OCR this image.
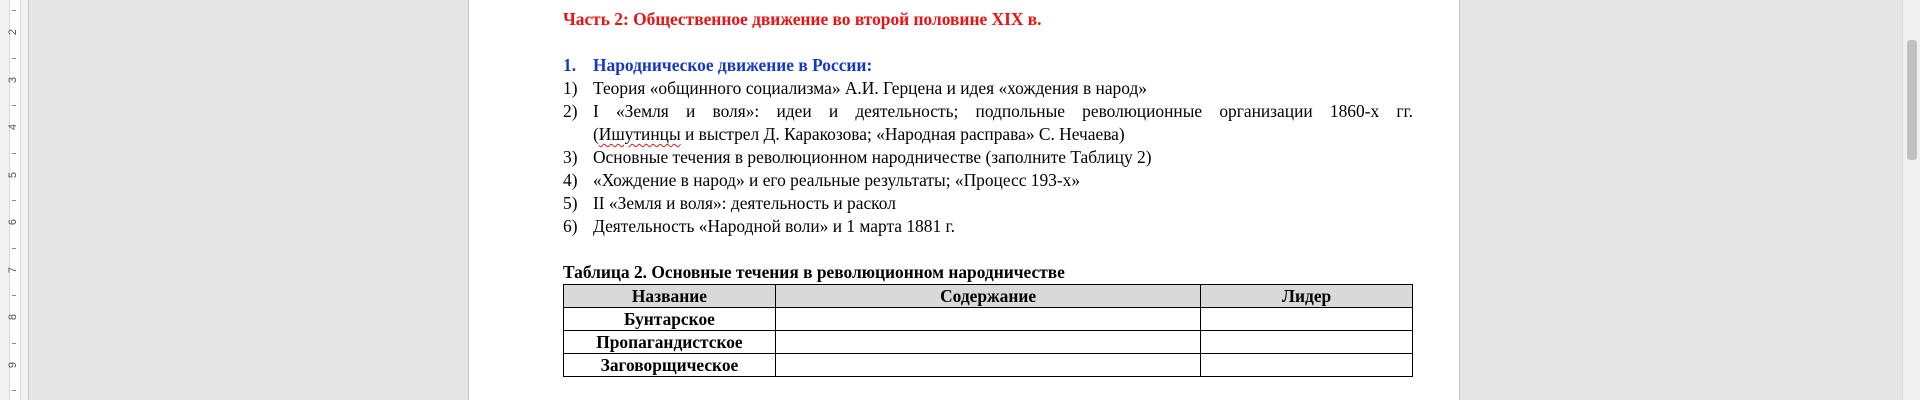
2
3
4
5
6
7
8
9
Часть 2: Общественное движение во второй половине XIX в.
1. Народническое движение в России:
1) Теория «общинного социализма» А.И. Герцена и идея «хождения в народ»
2) I «Земля и воля»: идеи и деятельность; подпольные революционные организации 1860-х гг.
(Ишутинцы и выстрел Д. Каракозова; «Народная расправа» С. Нечаева)
3) Основные течения в революционном народничестве (заполните Таблицу 2)
4) «Хождение в народ» и его реальные результаты; «Процесс 193-х»
5) II «Земля и воля»: деятельность и раскол
6) Деятельность «Народной воли» и 1 марта 1881 г.
Таблица 2. Основные течения в революционном народничестве
Название	Содержание	Лидер
Бунтарское		
Пропагандистское		
Заговорщическое		
